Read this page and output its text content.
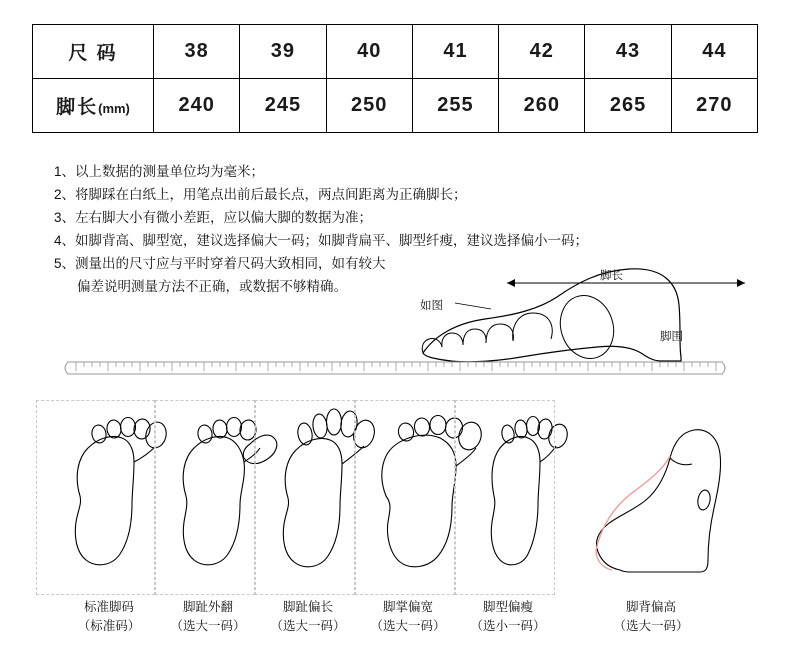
尺 码	38	39	40	41	42	43	44
脚长(mm)	240	245	250	255	260	265	270
1、以上数据的测量单位均为毫米；
2、将脚踩在白纸上，用笔点出前后最长点，两点间距离为正确脚长；
3、左右脚大小有微小差距，应以偏大脚的数据为准；
4、如脚背高、脚型宽，建议选择偏大一码；如脚背扁平、脚型纤瘦，建议选择偏小一码；
5、测量出的尺寸应与平时穿着尺码大致相同，如有较大
偏差说明测量方法不正确，或数据不够精确。
如图
脚长
脚围
标准脚码
（标准码）
脚趾外翻
（选大一码）
脚趾偏长
（选大一码）
脚掌偏宽
（选大一码）
脚型偏瘦
（选小一码）
脚背偏高
（选大一码）
